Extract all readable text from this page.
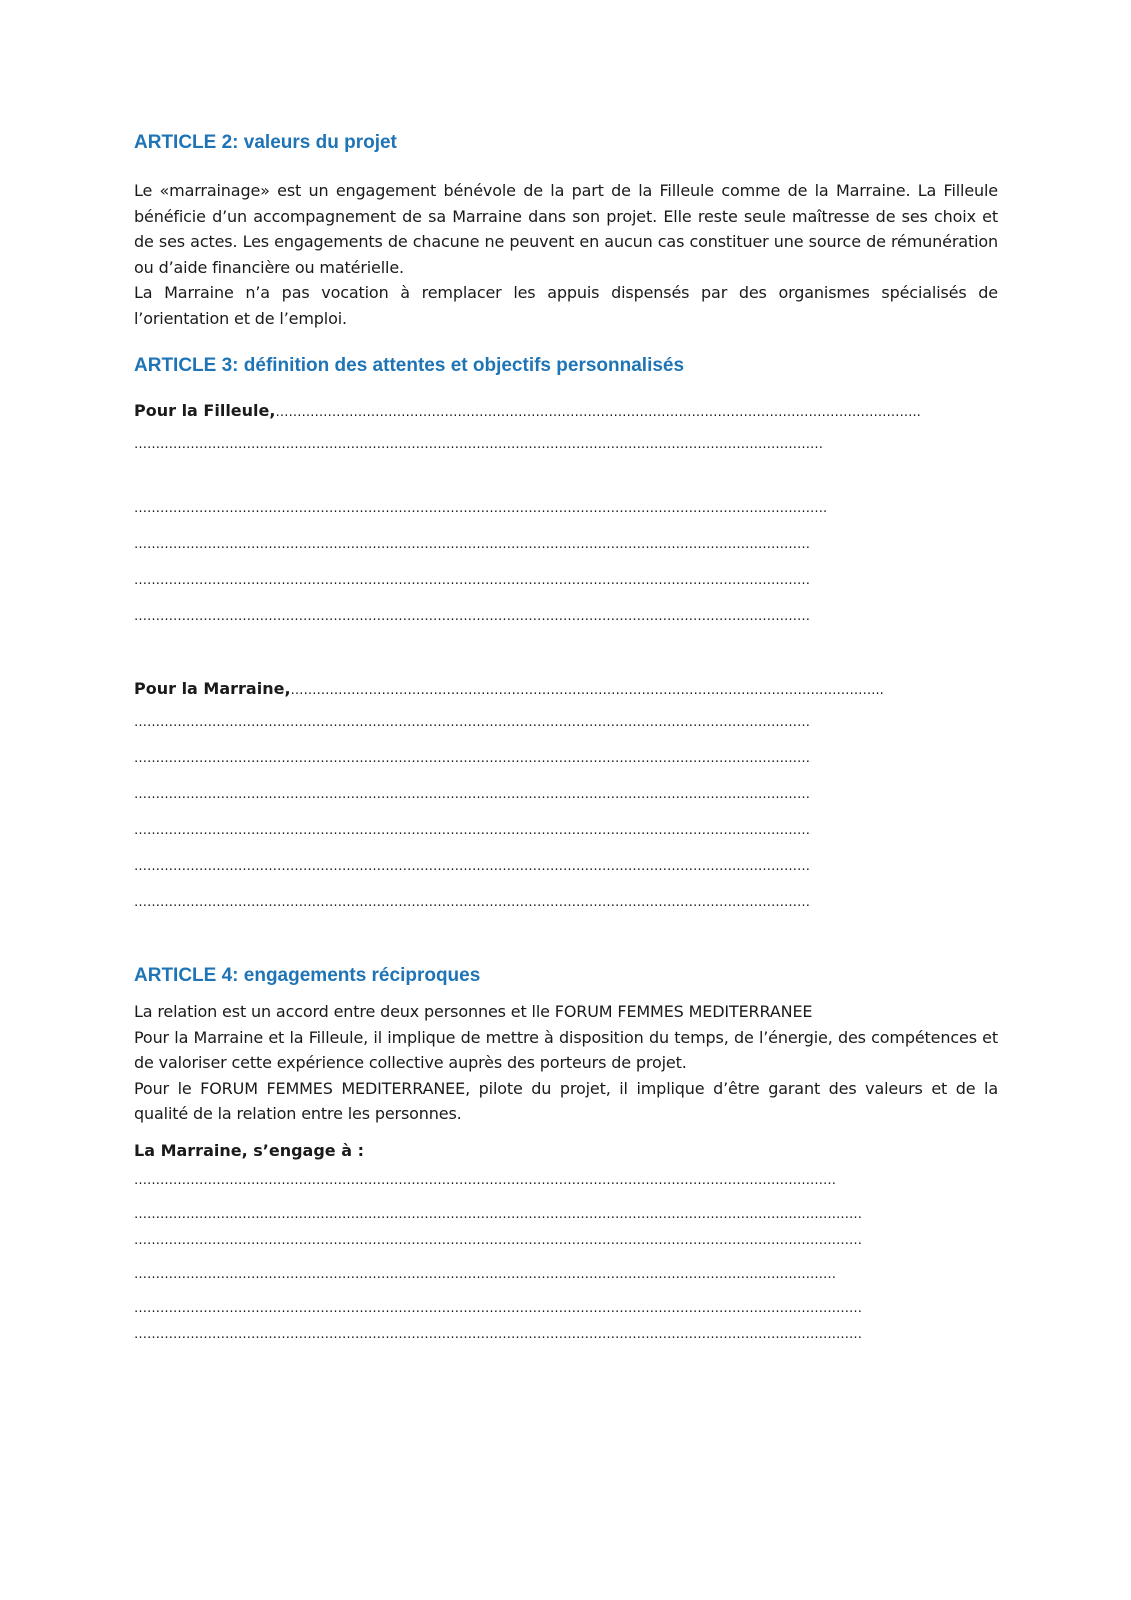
ARTICLE 2: valeurs du projet

Le «marrainage» est un engagement bénévole de la part de la Filleule comme de la Marraine. La Filleule bénéficie d’un accompagnement de sa Marraine dans son projet. Elle reste seule maîtresse de ses choix et de ses actes. Les engagements de chacune ne peuvent en aucun cas constituer une source de rémunération ou d’aide financière ou matérielle.

La Marraine n’a pas vocation à remplacer les appuis dispensés par des organismes spécialisés de l’orientation et de l’emploi.

ARTICLE 3: définition des attentes et objectifs personnalisés
Pour la Filleule,…………………………………………………………………………………………………………………………………..
……………………………………………………………………………………………………………………………………………
…………………………………………………………………………………………………………………………………………….
…………………………………………………………………………………………………………………………………………
…………………………………………………………………………………………………………………………………………
…………………………………………………………………………………………………………………………………………
Pour la Marraine,………………………………………………………………………………………………………………………..
…………………………………………………………………………………………………………………………………………
…………………………………………………………………………………………………………………………………………
…………………………………………………………………………………………………………………………………………
…………………………………………………………………………………………………………………………………………
…………………………………………………………………………………………………………………………………………
…………………………………………………………………………………………………………………………………………
ARTICLE 4: engagements réciproques

La relation est un accord entre deux personnes et lle FORUM FEMMES MEDITERRANEE

Pour la Marraine et la Filleule, il implique de mettre à disposition du temps, de l’énergie, des compétences et de valoriser cette expérience collective auprès des porteurs de projet.

Pour le FORUM FEMMES MEDITERRANEE, pilote du projet, il implique d’être garant des valeurs et de la qualité de la relation entre les personnes.

La Marraine, s’engage à :
………………………………………………………………………………………………………………………………………………
……………………………………………………………………………………………………………………………………………………
……………………………………………………………………………………………………………………………………………………
………………………………………………………………………………………………………………………………………………
……………………………………………………………………………………………………………………………………………………
……………………………………………………………………………………………………………………………………………………
